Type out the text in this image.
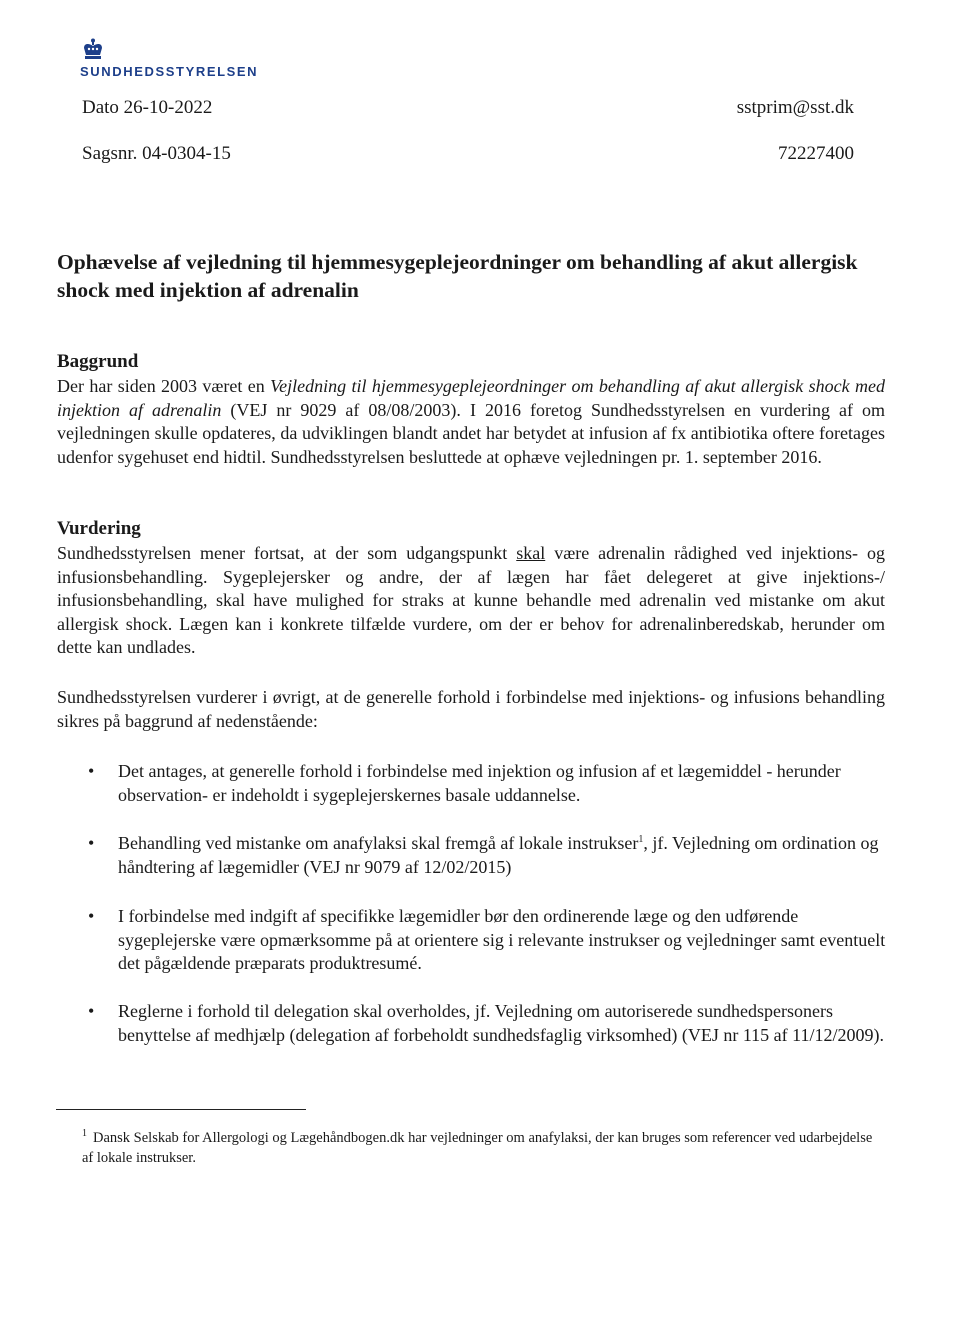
SUNDHEDSSTYRELSEN
Dato 26-10-2022
Sagsnr. 04-0304-15
sstprim@sst.dk
72227400
Ophævelse af vejledning til hjemmesygeplejeordninger om behandling af akut allergisk shock med injektion af adrenalin
Baggrund

Der har siden 2003 været en Vejledning til hjemmesygeplejeordninger om behandling af akut allergisk shock med injektion af adrenalin (VEJ nr 9029 af 08/08/2003). I 2016 foretog Sundhedsstyrelsen en vurdering af om vejledningen skulle opdateres, da udviklingen blandt andet har betydet at infusion af fx antibiotika oftere foretages udenfor sygehuset end hidtil. Sundhedsstyrelsen besluttede at ophæve vejledningen pr. 1. september 2016.

Vurdering

Sundhedsstyrelsen mener fortsat, at der som udgangspunkt skal være adrenalin rådighed ved injektions- og infusionsbehandling. Sygeplejersker og andre, der af lægen har fået delegeret at give injektions-/ infusionsbehandling, skal have mulighed for straks at kunne behandle med adrenalin ved mistanke om akut allergisk shock. Lægen kan i konkrete tilfælde vurdere, om der er behov for adrenalinberedskab, herunder om dette kan undlades.

Sundhedsstyrelsen vurderer i øvrigt, at de generelle forhold i forbindelse med injektions- og infusions behandling sikres på baggrund af nedenstående:

• Det antages, at generelle forhold i forbindelse med injektion og infusion af et lægemiddel - herunder observation- er indeholdt i sygeplejerskernes basale uddannelse.

• Behandling ved mistanke om anafylaksi skal fremgå af lokale instrukser$^1$, jf. Vejledning om ordination og håndtering af lægemidler (VEJ nr 9079 af 12/02/2015)

• I forbindelse med indgift af specifikke lægemidler bør den ordinerende læge og den udførende sygeplejerske være opmærksomme på at orientere sig i relevante instrukser og vejledninger samt eventuelt det pågældende præparats produktresumé.

• Reglerne i forhold til delegation skal overholdes, jf. Vejledning om autoriserede sundhedspersoners benyttelse af medhjælp (delegation af forbeholdt sundhedsfaglig virksomhed) (VEJ nr 115 af 11/12/2009).

$^1$ Dansk Selskab for Allergologi og Lægehåndbogen.dk har vejledninger om anafylaksi, der kan bruges som referencer ved udarbejdelse af lokale instrukser.
